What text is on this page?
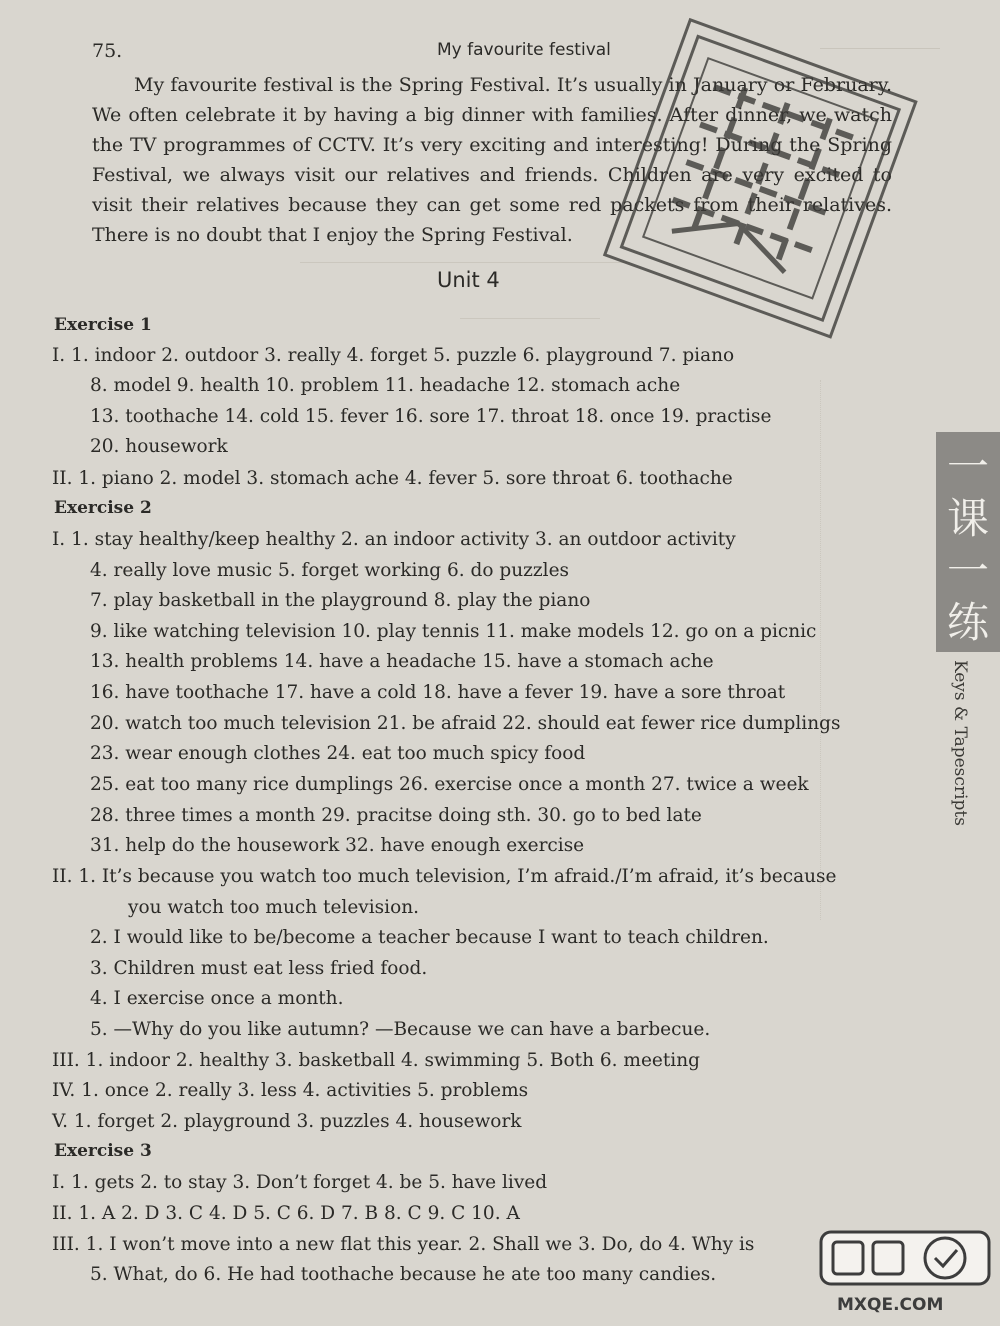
75.	My favourite festival

My favourite festival is the Spring Festival. It’s usually in January or February. We often celebrate it by having a big dinner with families. After dinner, we watch the TV programmes of CCTV. It’s very exciting and interesting! During the Spring Festival, we always visit our relatives and friends. Children are very excited to visit their relatives because they can get some red packets from their relatives. There is no doubt that I enjoy the Spring Festival.

Unit 4
Exercise 1
I. 1. indoor 2. outdoor 3. really 4. forget 5. puzzle 6. playground 7. piano
8. model 9. health 10. problem 11. headache 12. stomach ache
13. toothache 14. cold 15. fever 16. sore 17. throat 18. once 19. practise
20. housework
II. 1. piano 2. model 3. stomach ache 4. fever 5. sore throat 6. toothache
Exercise 2
I. 1. stay healthy/keep healthy 2. an indoor activity 3. an outdoor activity
4. really love music 5. forget working 6. do puzzles
7. play basketball in the playground 8. play the piano
9. like watching television 10. play tennis 11. make models 12. go on a picnic
13. health problems 14. have a headache 15. have a stomach ache
16. have toothache 17. have a cold 18. have a fever 19. have a sore throat
20. watch too much television 21. be afraid 22. should eat fewer rice dumplings
23. wear enough clothes 24. eat too much spicy food
25. eat too many rice dumplings 26. exercise once a month 27. twice a week
28. three times a month 29. pracitse doing sth. 30. go to bed late
31. help do the housework 32. have enough exercise
II. 1. It’s because you watch too much television, I’m afraid./I’m afraid, it’s because
you watch too much television.
2. I would like to be/become a teacher because I want to teach children.
3. Children must eat less fried food.
4. I exercise once a month.
5. —Why do you like autumn? —Because we can have a barbecue.
III. 1. indoor 2. healthy 3. basketball 4. swimming 5. Both 6. meeting
IV. 1. once 2. really 3. less 4. activities 5. problems
V. 1. forget 2. playground 3. puzzles 4. housework
Exercise 3
I. 1. gets 2. to stay 3. Don’t forget 4. be 5. have lived
II. 1. A 2. D 3. C 4. D 5. C 6. D 7. B 8. C 9. C 10. A
III. 1. I won’t move into a new flat this year. 2. Shall we 3. Do, do 4. Why is
5. What, do 6. He had toothache because he ate too many candies.
一
课
一
练
Keys & Tapescripts
MXQE.COM
